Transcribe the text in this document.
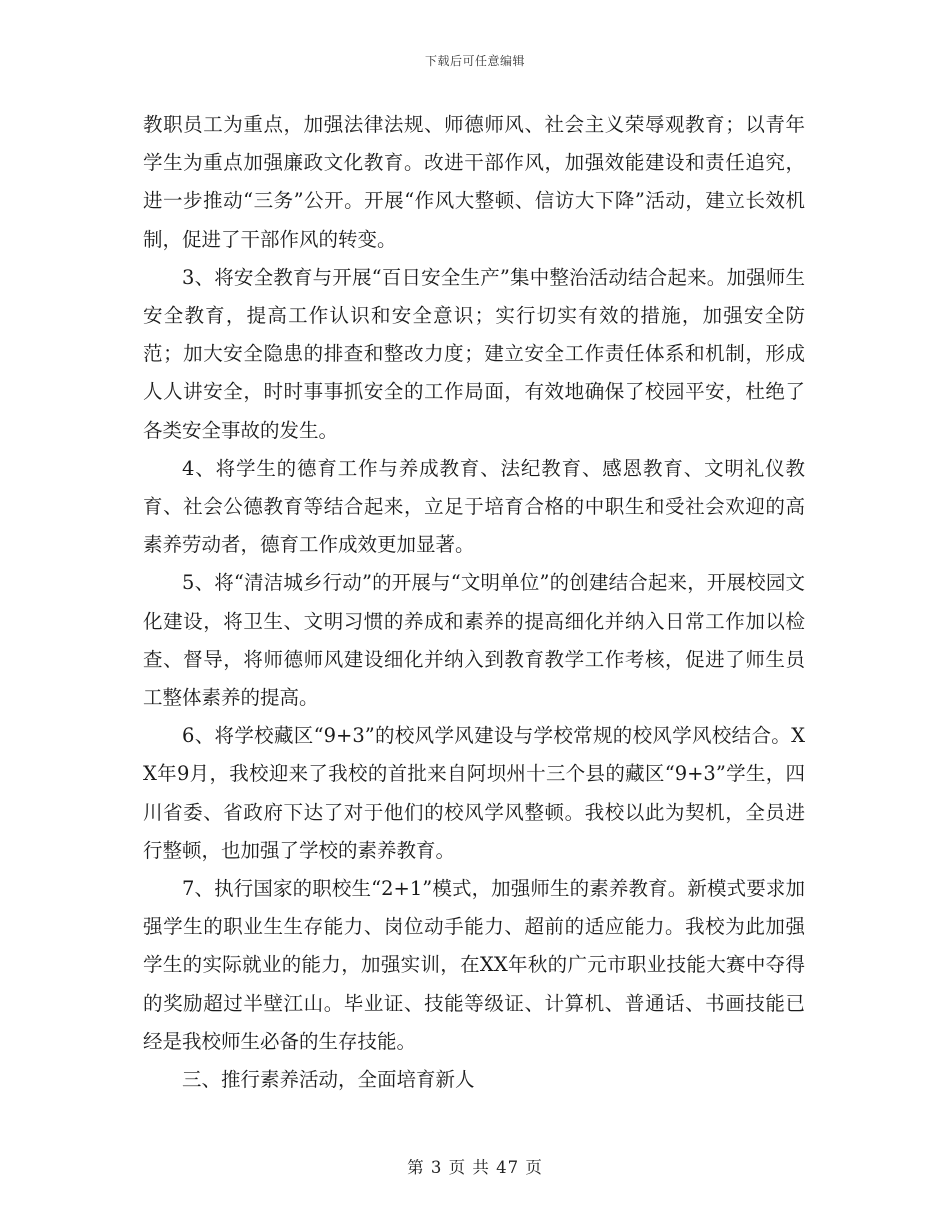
下载后可任意编辑

教职员工为重点，加强法律法规、师德师风、社会主义荣辱观教育；以青年学生为重点加强廉政文化教育。改进干部作风，加强效能建设和责任追究，进一步推动“三务”公开。开展“作风大整顿、信访大下降”活动，建立长效机制，促进了干部作风的转变。

3、将安全教育与开展“百日安全生产”集中整治活动结合起来。加强师生安全教育，提高工作认识和安全意识；实行切实有效的措施，加强安全防范；加大安全隐患的排查和整改力度；建立安全工作责任体系和机制，形成人人讲安全，时时事事抓安全的工作局面，有效地确保了校园平安，杜绝了各类安全事故的发生。

4、将学生的德育工作与养成教育、法纪教育、感恩教育、文明礼仪教育、社会公德教育等结合起来，立足于培育合格的中职生和受社会欢迎的高素养劳动者，德育工作成效更加显著。

5、将“清洁城乡行动”的开展与“文明单位”的创建结合起来，开展校园文化建设，将卫生、文明习惯的养成和素养的提高细化并纳入日常工作加以检查、督导，将师德师风建设细化并纳入到教育教学工作考核，促进了师生员工整体素养的提高。

6、将学校藏区“9+3”的校风学风建设与学校常规的校风学风校结合。XX年9月，我校迎来了我校的首批来自阿坝州十三个县的藏区“9+3”学生，四川省委、省政府下达了对于他们的校风学风整顿。我校以此为契机，全员进行整顿，也加强了学校的素养教育。

7、执行国家的职校生“2+1”模式，加强师生的素养教育。新模式要求加强学生的职业生生存能力、岗位动手能力、超前的适应能力。我校为此加强学生的实际就业的能力，加强实训，在XX年秋的广元市职业技能大赛中夺得的奖励超过半壁江山。毕业证、技能等级证、计算机、普通话、书画技能已经是我校师生必备的生存技能。

三、推行素养活动，全面培育新人

第 3 页 共 47 页
